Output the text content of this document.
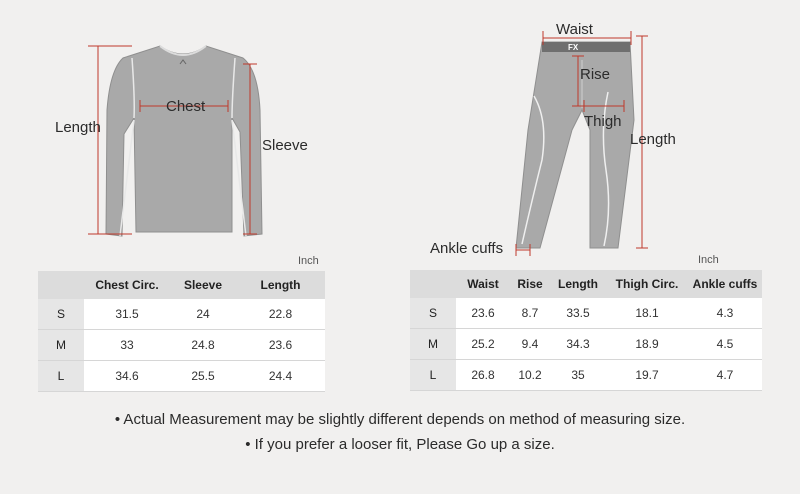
FX
Length
Chest
Sleeve
Waist
Rise
Thigh
Length
Ankle cuffs
Inch	Inch
	Chest Circ.	Sleeve	Length
S	31.5	24	22.8
M	33	24.8	23.6
L	34.6	25.5	24.4
	Waist	Rise	Length	Thigh Circ.	Ankle cuffs
S	23.6	8.7	33.5	18.1	4.3
M	25.2	9.4	34.3	18.9	4.5
L	26.8	10.2	35	19.7	4.7
• Actual Measurement may be slightly different depends on method of measuring size.
• If you prefer a looser fit, Please Go up a size.
